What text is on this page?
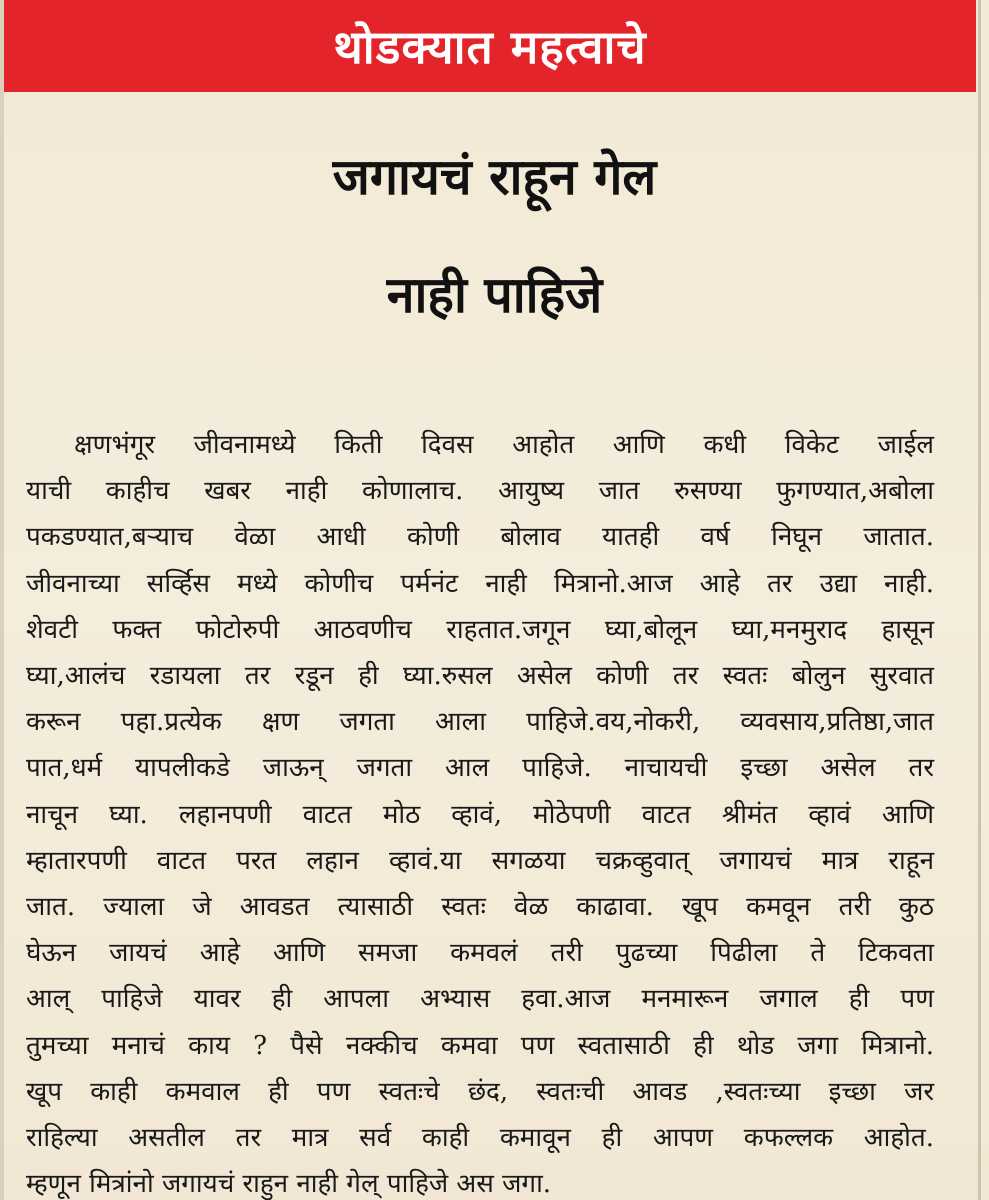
थोडक्यात महत्वाचे
जगायचं राहून गेल
नाही पाहिजे
क्षणभंगूर जीवनामध्ये किती दिवस आहोत आणि कधी विकेट जाईल
याची काहीच खबर नाही कोणालाच. आयुष्य जात रुसण्या फुगण्यात,अबोला
पकडण्यात,बऱ्याच वेळा आधी कोणी बोलाव यातही वर्ष निघून जातात.
जीवनाच्या सर्व्हिस मध्ये कोणीच पर्मनंट नाही मित्रानो.आज आहे तर उद्या नाही.
शेवटी फक्त फोटोरुपी आठवणीच राहतात.जगून घ्या,बोलून घ्या,मनमुराद हासून
घ्या,आलंच रडायला तर रडून ही घ्या.रुसल असेल कोणी तर स्वतः बोलुन सुरवात
करून पहा.प्रत्येक क्षण जगता आला पाहिजे.वय,नोकरी, व्यवसाय,प्रतिष्ठा,जात
पात,धर्म यापलीकडे जाऊन् जगता आल पाहिजे. नाचायची इच्छा असेल तर
नाचून घ्या. लहानपणी वाटत मोठ व्हावं, मोठेपणी वाटत श्रीमंत व्हावं आणि
म्हातारपणी वाटत परत लहान व्हावं.या सगळया चक्रव्हुवात् जगायचं मात्र राहून
जात. ज्याला जे आवडत त्यासाठी स्वतः वेळ काढावा. खूप कमवून तरी कुठ
घेऊन जायचं आहे आणि समजा कमवलं तरी पुढच्या पिढीला ते टिकवता
आल् पाहिजे यावर ही आपला अभ्यास हवा.आज मनमारून जगाल ही पण
तुमच्या मनाचं काय ? पैसे नक्कीच कमवा पण स्वतासाठी ही थोड जगा मित्रानो.
खूप काही कमवाल ही पण स्वतःचे छंद, स्वतःची आवड ,स्वतःच्या इच्छा जर
राहिल्या असतील तर मात्र सर्व काही कमावून ही आपण कफल्लक आहोत.
म्हणून मित्रांनो जगायचं राहुन नाही गेल् पाहिजे अस जगा.
